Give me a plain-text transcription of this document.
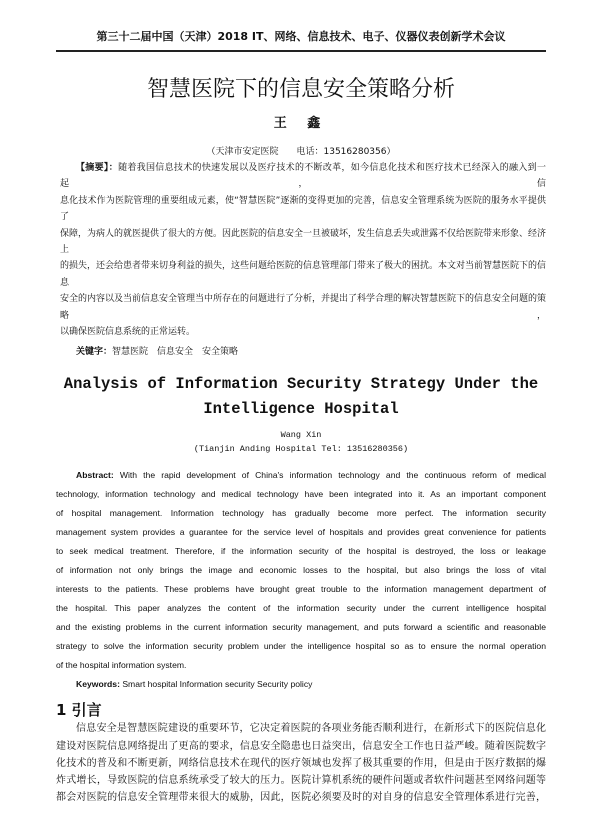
第三十二届中国（天津）2018 IT、网络、信息技术、电子、仪器仪表创新学术会议
智慧医院下的信息安全策略分析
王 鑫
（天津市安定医院　　电话：13516280356）
【摘要】：随着我国信息技术的快速发展以及医疗技术的不断改革，如今信息化技术和医疗技术已经深入的融入到一起，信
息化技术作为医院管理的重要组成元素，使“智慧医院”逐渐的变得更加的完善，信息安全管理系统为医院的服务水平提供了
保障，为病人的就医提供了很大的方便。因此医院的信息安全一旦被破坏，发生信息丢失或泄露不仅给医院带来形象、经济上
的损失，还会给患者带来切身利益的损失，这些问题给医院的信息管理部门带来了极大的困扰。本文对当前智慧医院下的信息
安全的内容以及当前信息安全管理当中所存在的问题进行了分析，并提出了科学合理的解决智慧医院下的信息安全问题的策略，
以确保医院信息系统的正常运转。
关键字：智慧医院　信息安全　安全策略
Analysis of Information Security Strategy Under the
Intelligence Hospital
Wang Xin
(Tianjin Anding Hospital Tel: 13516280356)
Abstract: With the rapid development of China's information technology and the continuous reform of medical
technology, information technology and medical technology have been integrated into it. As an important component
of hospital management. Information technology has gradually become more perfect. The information security
management system provides a guarantee for the service level of hospitals and provides great convenience for patients
to seek medical treatment. Therefore, if the information security of the hospital is destroyed, the loss or leakage
of information not only brings the image and economic losses to the hospital, but also brings the loss of vital
interests to the patients. These problems have brought great trouble to the information management department of
the hospital. This paper analyzes the content of the information security under the current intelligence hospital
and the existing problems in the current information security management, and puts forward a scientific and reasonable
strategy to solve the information security problem under the intelligence hospital so as to ensure the normal operation
of the hospital information system.
Keywords: Smart hospital Information security Security policy
1 引言
信息安全是智慧医院建设的重要环节，它决定着医院的各项业务能否顺利进行，在新形式下的医院信息化
建设对医院信息网络提出了更高的要求，信息安全隐患也日益突出，信息安全工作也日益严峻。随着医院数字
化技术的普及和不断更新，网络信息技术在现代的医疗领域也发挥了极其重要的作用，但是由于医疗数据的爆
炸式增长，导致医院的信息系统承受了较大的压力。医院计算机系统的硬件问题或者软件问题甚至网络问题等
都会对医院的信息安全管理带来很大的威胁，因此，医院必须要及时的对自身的信息安全管理体系进行完善，
